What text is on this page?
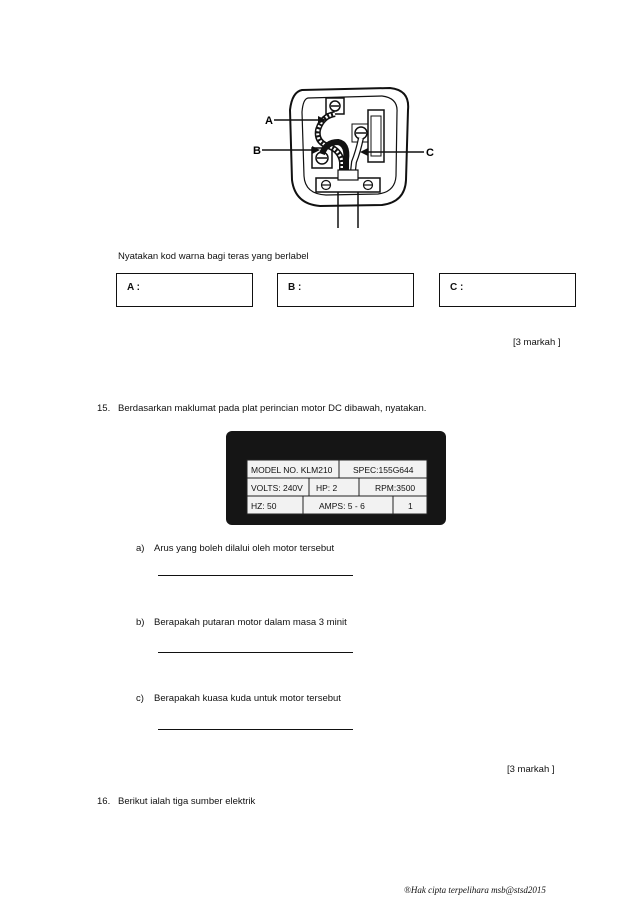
A
B	C
Nyatakan kod warna bagi teras yang berlabel
A :	B :	C :
[3 markah ]
15. Berdasarkan maklumat pada plat perincian motor DC dibawah, nyatakan.
MODEL NO. KLM210 SPEC:155G644
VOLTS: 240V HP: 2	RPM:3500
HZ: 50	AMPS: 5 - 6	1
a) Arus yang boleh dilalui oleh motor tersebut
b) Berapakah putaran motor dalam masa 3 minit
c) Berapakah kuasa kuda untuk motor tersebut
[3 markah ]
16. Berikut ialah tiga sumber elektrik
®Hak cipta terpelihara msb@stsd2015
